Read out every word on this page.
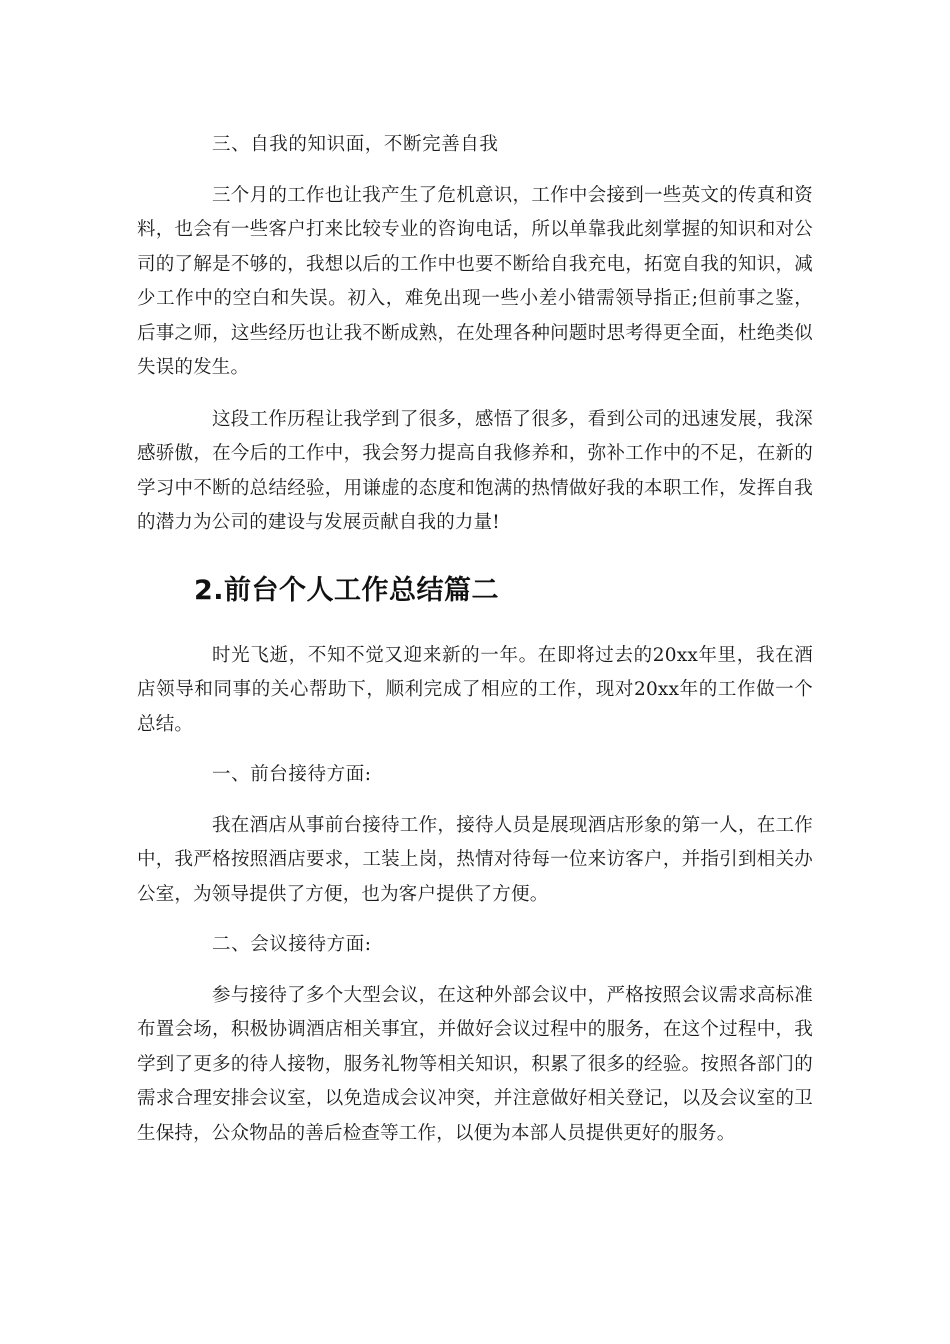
三、自我的知识面，不断完善自我

三个月的工作也让我产生了危机意识，工作中会接到一些英文的传真和资料，也会有一些客户打来比较专业的咨询电话，所以单靠我此刻掌握的知识和对公司的了解是不够的，我想以后的工作中也要不断给自我充电，拓宽自我的知识，减少工作中的空白和失误。初入，难免出现一些小差小错需领导指正;但前事之鉴，后事之师，这些经历也让我不断成熟，在处理各种问题时思考得更全面，杜绝类似失误的发生。

这段工作历程让我学到了很多，感悟了很多，看到公司的迅速发展，我深感骄傲，在今后的工作中，我会努力提高自我修养和，弥补工作中的不足，在新的学习中不断的总结经验，用谦虚的态度和饱满的热情做好我的本职工作，发挥自我的潜力为公司的建设与发展贡献自我的力量!

2.前台个人工作总结篇二

时光飞逝，不知不觉又迎来新的一年。在即将过去的20xx年里，我在酒店领导和同事的关心帮助下，顺利完成了相应的工作，现对20xx年的工作做一个总结。

一、前台接待方面:

我在酒店从事前台接待工作，接待人员是展现酒店形象的第一人，在工作中，我严格按照酒店要求，工装上岗，热情对待每一位来访客户，并指引到相关办公室，为领导提供了方便，也为客户提供了方便。

二、会议接待方面:

参与接待了多个大型会议，在这种外部会议中，严格按照会议需求高标准布置会场，积极协调酒店相关事宜，并做好会议过程中的服务，在这个过程中，我学到了更多的待人接物，服务礼物等相关知识，积累了很多的经验。按照各部门的需求合理安排会议室，以免造成会议冲突，并注意做好相关登记，以及会议室的卫生保持，公众物品的善后检查等工作，以便为本部人员提供更好的服务。
